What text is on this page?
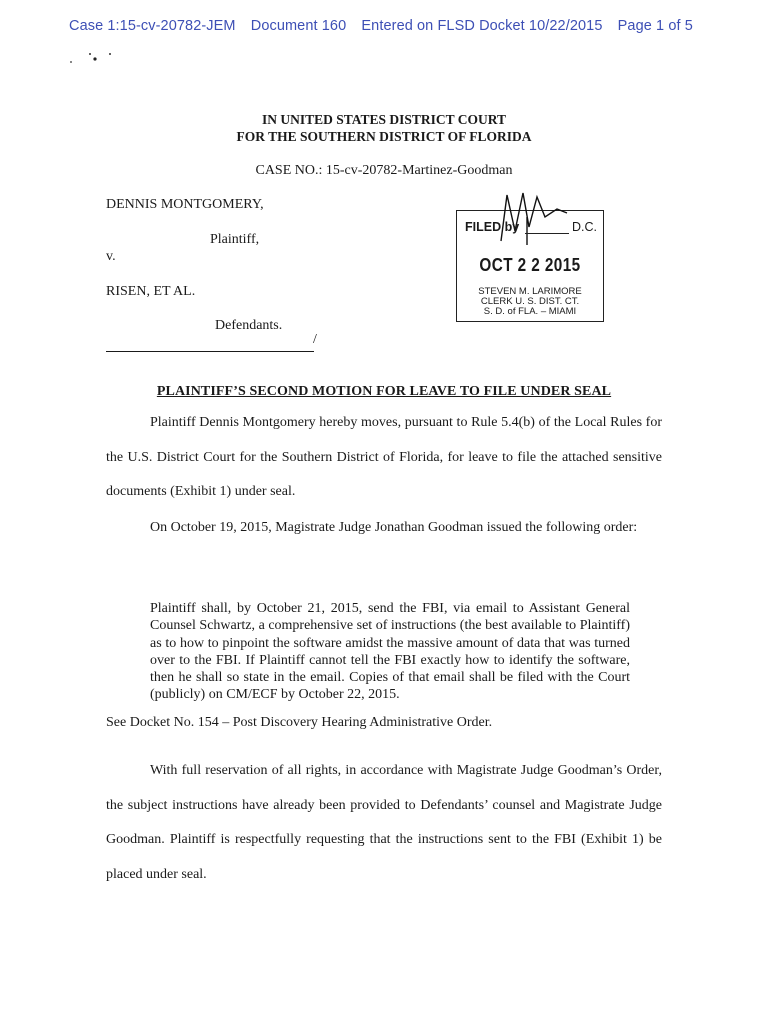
Case 1:15-cv-20782-JEM Document 160 Entered on FLSD Docket 10/22/2015 Page 1 of 5
IN UNITED STATES DISTRICT COURT
FOR THE SOUTHERN DISTRICT OF FLORIDA
CASE NO.: 15-cv-20782-Martinez-Goodman
DENNIS MONTGOMERY,
Plaintiff,
v.
RISEN, ET AL.
Defendants.
/
FILED by	D.C.
OCT 2 2 2015
STEVEN M. LARIMORE
CLERK U. S. DIST. CT.
S. D. of FLA. – MIAMI
PLAINTIFF’S SECOND MOTION FOR LEAVE TO FILE UNDER SEAL
Plaintiff Dennis Montgomery hereby moves, pursuant to Rule 5.4(b) of the Local Rules for the U.S. District Court for the Southern District of Florida, for leave to file the attached sensitive documents (Exhibit 1) under seal.
On October 19, 2015, Magistrate Judge Jonathan Goodman issued the following order:
Plaintiff shall, by October 21, 2015, send the FBI, via email to Assistant General Counsel Schwartz, a comprehensive set of instructions (the best available to Plaintiff) as to how to pinpoint the software amidst the massive amount of data that was turned over to the FBI. If Plaintiff cannot tell the FBI exactly how to identify the software, then he shall so state in the email. Copies of that email shall be filed with the Court (publicly) on CM/ECF by October 22, 2015.
See Docket No. 154 – Post Discovery Hearing Administrative Order.
With full reservation of all rights, in accordance with Magistrate Judge Goodman’s Order, the subject instructions have already been provided to Defendants’ counsel and Magistrate Judge Goodman. Plaintiff is respectfully requesting that the instructions sent to the FBI (Exhibit 1) be placed under seal.
